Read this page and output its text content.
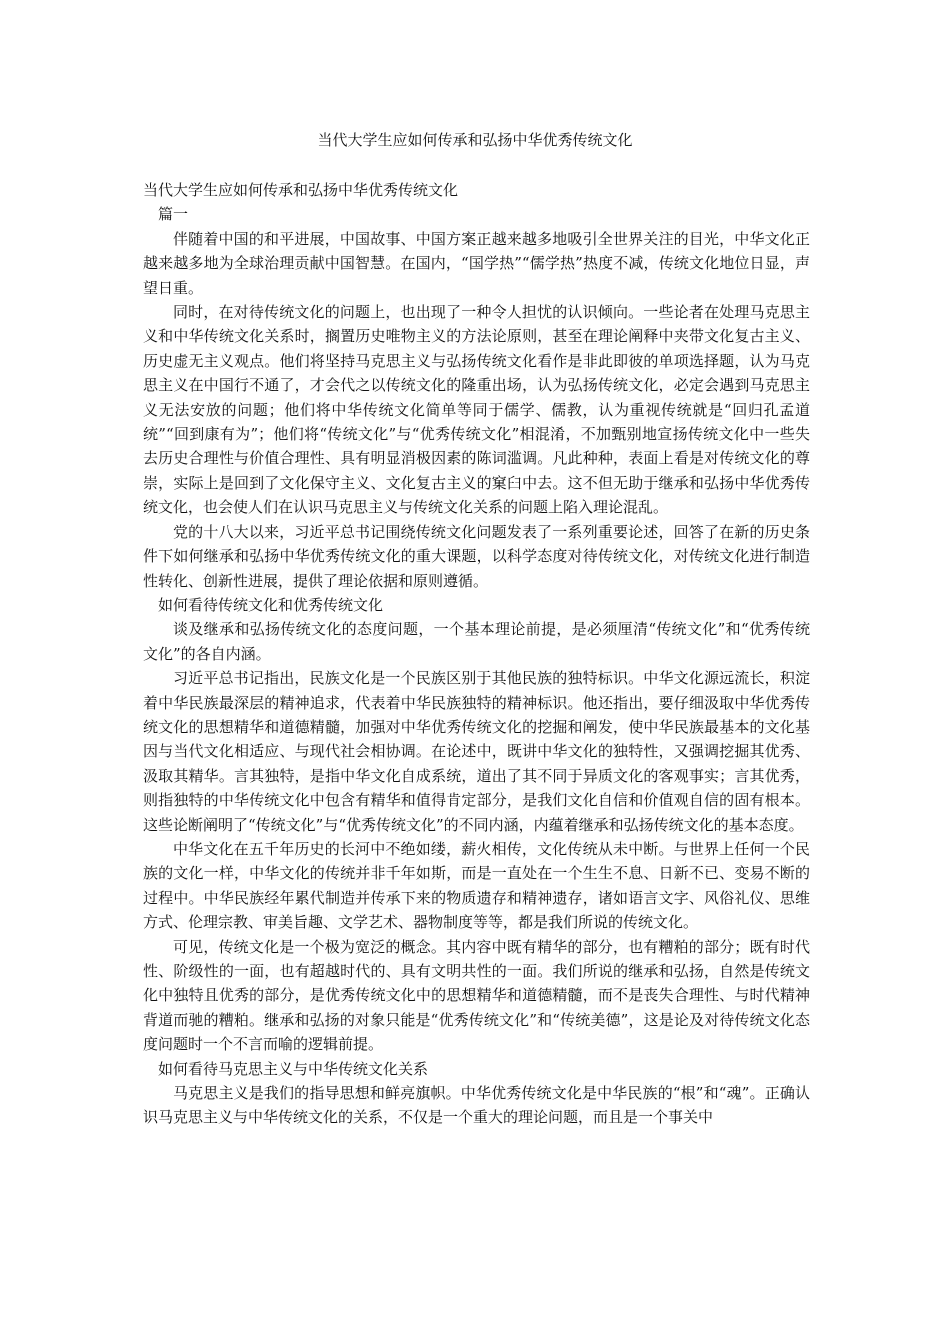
当代大学生应如何传承和弘扬中华优秀传统文化

当代大学生应如何传承和弘扬中华优秀传统文化

篇一

伴随着中国的和平进展，中国故事、中国方案正越来越多地吸引全世界关注的目光，中华文化正越来越多地为全球治理贡献中国智慧。在国内，“国学热”“儒学热”热度不减，传统文化地位日显，声望日重。

同时，在对待传统文化的问题上，也出现了一种令人担忧的认识倾向。一些论者在处理马克思主义和中华传统文化关系时，搁置历史唯物主义的方法论原则，甚至在理论阐释中夹带文化复古主义、历史虚无主义观点。他们将坚持马克思主义与弘扬传统文化看作是非此即彼的单项选择题，认为马克思主义在中国行不通了，才会代之以传统文化的隆重出场，认为弘扬传统文化，必定会遇到马克思主义无法安放的问题；他们将中华传统文化简单等同于儒学、儒教，认为重视传统就是“回归孔孟道统”“回到康有为”；他们将“传统文化”与“优秀传统文化”相混淆，不加甄别地宣扬传统文化中一些失去历史合理性与价值合理性、具有明显消极因素的陈词滥调。凡此种种，表面上看是对传统文化的尊崇，实际上是回到了文化保守主义、文化复古主义的窠臼中去。这不但无助于继承和弘扬中华优秀传统文化，也会使人们在认识马克思主义与传统文化关系的问题上陷入理论混乱。

党的十八大以来，习近平总书记围绕传统文化问题发表了一系列重要论述，回答了在新的历史条件下如何继承和弘扬中华优秀传统文化的重大课题，以科学态度对待传统文化，对传统文化进行制造性转化、创新性进展，提供了理论依据和原则遵循。

如何看待传统文化和优秀传统文化

谈及继承和弘扬传统文化的态度问题，一个基本理论前提，是必须厘清“传统文化”和“优秀传统文化”的各自内涵。

习近平总书记指出，民族文化是一个民族区别于其他民族的独特标识。中华文化源远流长，积淀着中华民族最深层的精神追求，代表着中华民族独特的精神标识。他还指出，要仔细汲取中华优秀传统文化的思想精华和道德精髓，加强对中华优秀传统文化的挖掘和阐发，使中华民族最基本的文化基因与当代文化相适应、与现代社会相协调。在论述中，既讲中华文化的独特性，又强调挖掘其优秀、汲取其精华。言其独特，是指中华文化自成系统，道出了其不同于异质文化的客观事实；言其优秀，则指独特的中华传统文化中包含有精华和值得肯定部分，是我们文化自信和价值观自信的固有根本。这些论断阐明了“传统文化”与“优秀传统文化”的不同内涵，内蕴着继承和弘扬传统文化的基本态度。

中华文化在五千年历史的长河中不绝如缕，薪火相传，文化传统从未中断。与世界上任何一个民族的文化一样，中华文化的传统并非千年如斯，而是一直处在一个生生不息、日新不已、变易不断的过程中。中华民族经年累代制造并传承下来的物质遗存和精神遗存，诸如语言文字、风俗礼仪、思维方式、伦理宗教、审美旨趣、文学艺术、器物制度等等，都是我们所说的传统文化。

可见，传统文化是一个极为宽泛的概念。其内容中既有精华的部分，也有糟粕的部分；既有时代性、阶级性的一面，也有超越时代的、具有文明共性的一面。我们所说的继承和弘扬，自然是传统文化中独特且优秀的部分，是优秀传统文化中的思想精华和道德精髓，而不是丧失合理性、与时代精神背道而驰的糟粕。继承和弘扬的对象只能是“优秀传统文化”和“传统美德”，这是论及对待传统文化态度问题时一个不言而喻的逻辑前提。

如何看待马克思主义与中华传统文化关系

马克思主义是我们的指导思想和鲜亮旗帜。中华优秀传统文化是中华民族的“根”和“魂”。正确认识马克思主义与中华传统文化的关系，不仅是一个重大的理论问题，而且是一个事关中
